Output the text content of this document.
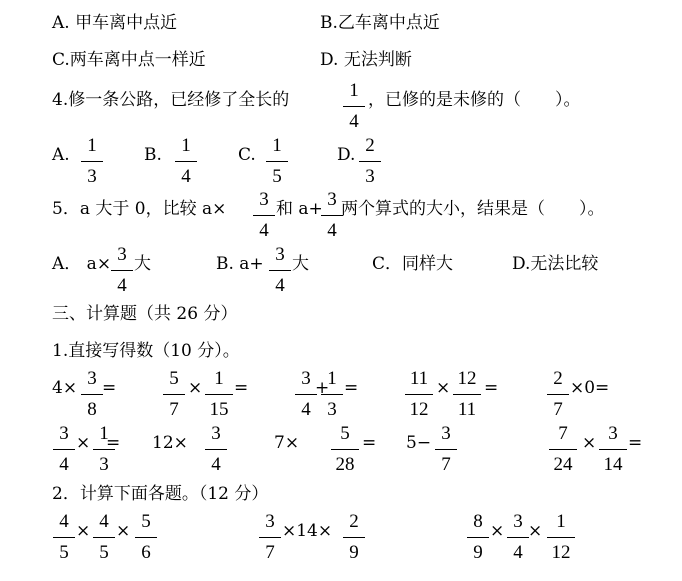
A. 甲车离中点近	B.乙车离中点近
C.两车离中点一样近	D. 无法判断
4.修一条公路，已经修了全长的	1
4
，已修的是未修的（　　）。
A. 1
3
B.	1
4
C. 1
5
D. 2
3
5．a 大于 0，比较 a×	3
4
和 a+ 3
4
两个算式的大小，结果是（　　）。
A． a× 3
4
大	B. a+ 3
4
大	C．同样大	D.无法比较
三、计算题（共 26 分）
1.直接写得数（10 分）。
4× 3
8
=	5
7
× 1
15
=	3
4
+
1
3
=	11
12
× 12
11
=	2
7
×0=
3
4
× 1
3
= 12×	3
4
7×	5
28
= 5− 3
7
7
24
× 3
14
=
2．计算下面各题。（12 分）
4
5
× 4
5
× 5
6
3
7
×14× 2
9
8
9
× 3
4
× 1
12
